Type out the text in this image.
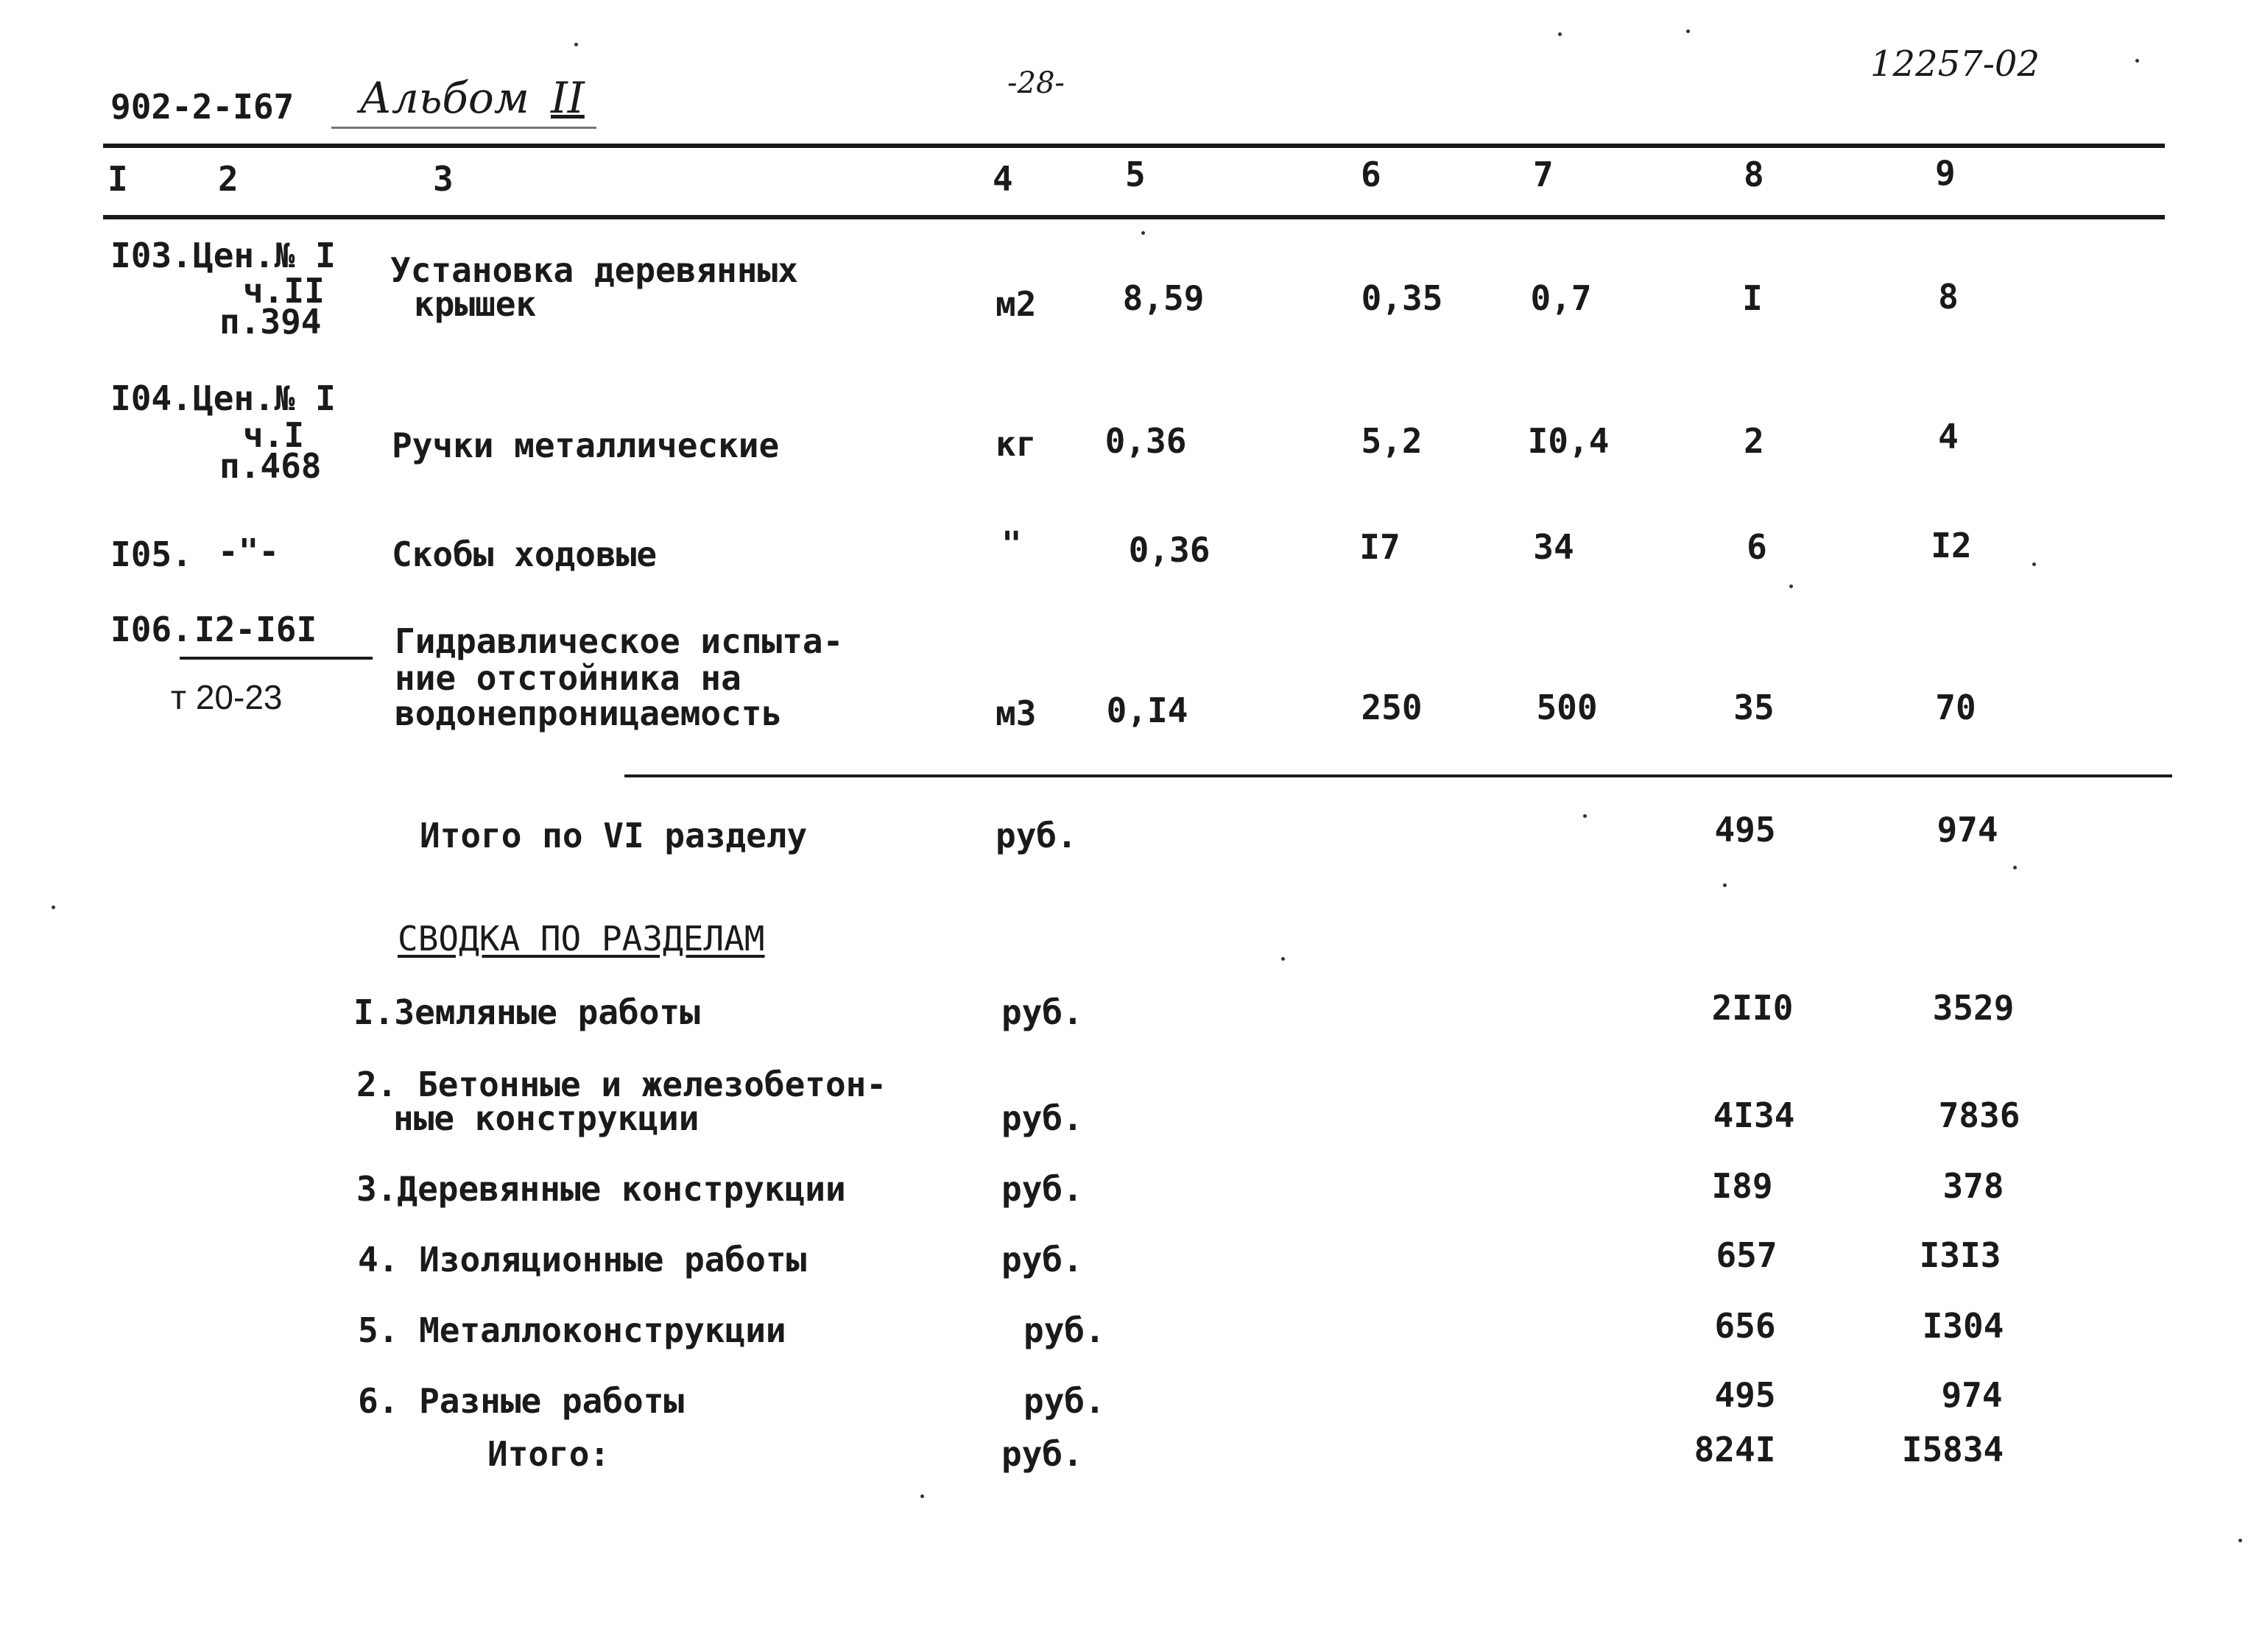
902-2-I67 Альбом II	-28-	12257-02
I	2	3	4	5	6	7	8	9
I03. Цен.№ I
ч.II
п.394
Установка деревянных
крышек	м2	8,59	0,35	0,7	I	8
I04. Цен.№ I
ч.I
п.468
Ручки металлические	кг	0,36	5,2	I0,4	2	4
I05. -"-	Скобы ходовые	"	0,36	I7	34	6	I2
I06. I2-I6I
т 20-23
Гидравлическое испыта-
ние отстойника на
водонепроницаемость	м3	0,I4	250	500	35	70
Итого по VI разделу	руб.	495	974
СВОДКА ПО РАЗДЕЛАМ
I.Земляные работы	руб.	2II0	3529
2. Бетонные и железобетон-
ные конструкции	руб.	4I34	7836
3.Деревянные конструкции	руб.	I89	378
4. Изоляционные работы	руб.	657	I3I3
5. Металлоконструкции	руб.	656	I304
6. Разные работы	руб.	495	974
Итого:	руб.	824I	I5834
